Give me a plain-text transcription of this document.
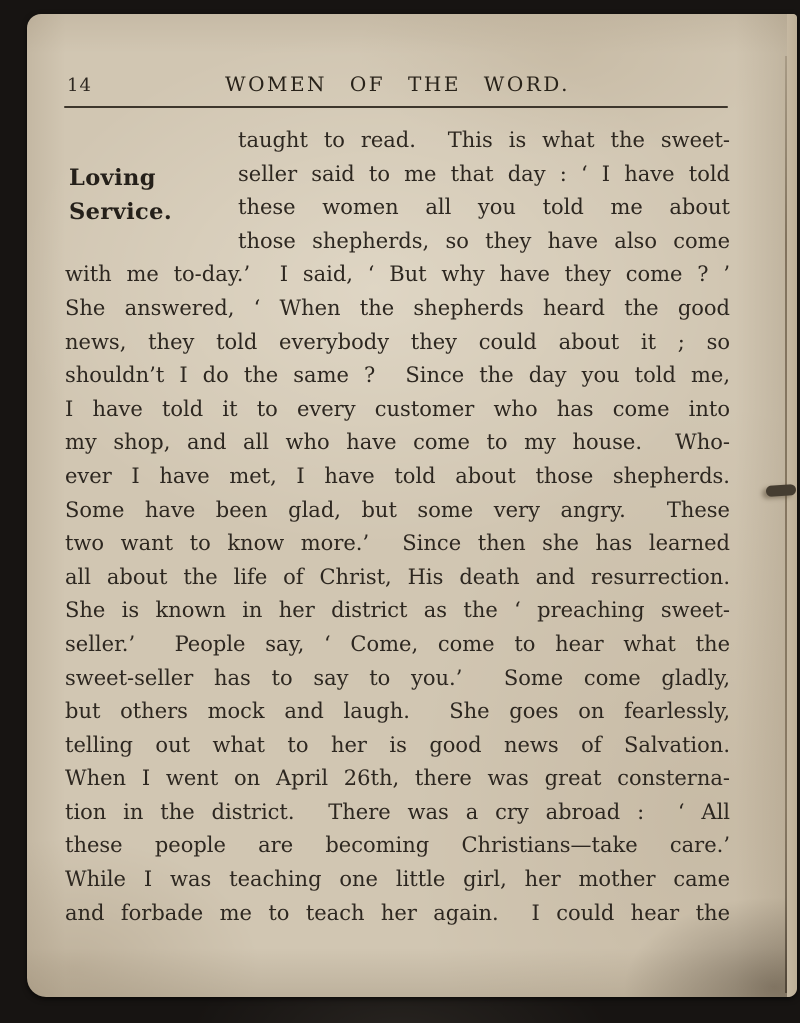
14	WOMEN OF THE WORD.
Loving
Service.
taught to read.  This is what the sweet-
seller said to me that day : ‘ I have told
these women all you told me about
those shepherds, so they have also come
with me to-day.’  I said, ‘ But why have they come ? ’
She answered, ‘ When the shepherds heard the good
news, they told everybody they could about it ; so
shouldn’t I do the same ?  Since the day you told me,
I have told it to every customer who has come into
my shop, and all who have come to my house.  Who-
ever I have met, I have told about those shepherds.
Some have been glad, but some very angry.  These
two want to know more.’  Since then she has learned
all about the life of Christ, His death and resurrection.
She is known in her district as the ‘ preaching sweet-
seller.’  People say, ‘ Come, come to hear what the
sweet-seller has to say to you.’  Some come gladly,
but others mock and laugh.  She goes on fearlessly,
telling out what to her is good news of Salvation.
When I went on April 26th, there was great consterna-
tion in the district.  There was a cry abroad :  ‘ All
these people are becoming Christians—take care.’
While I was teaching one little girl, her mother came
and forbade me to teach her again.  I could hear the
